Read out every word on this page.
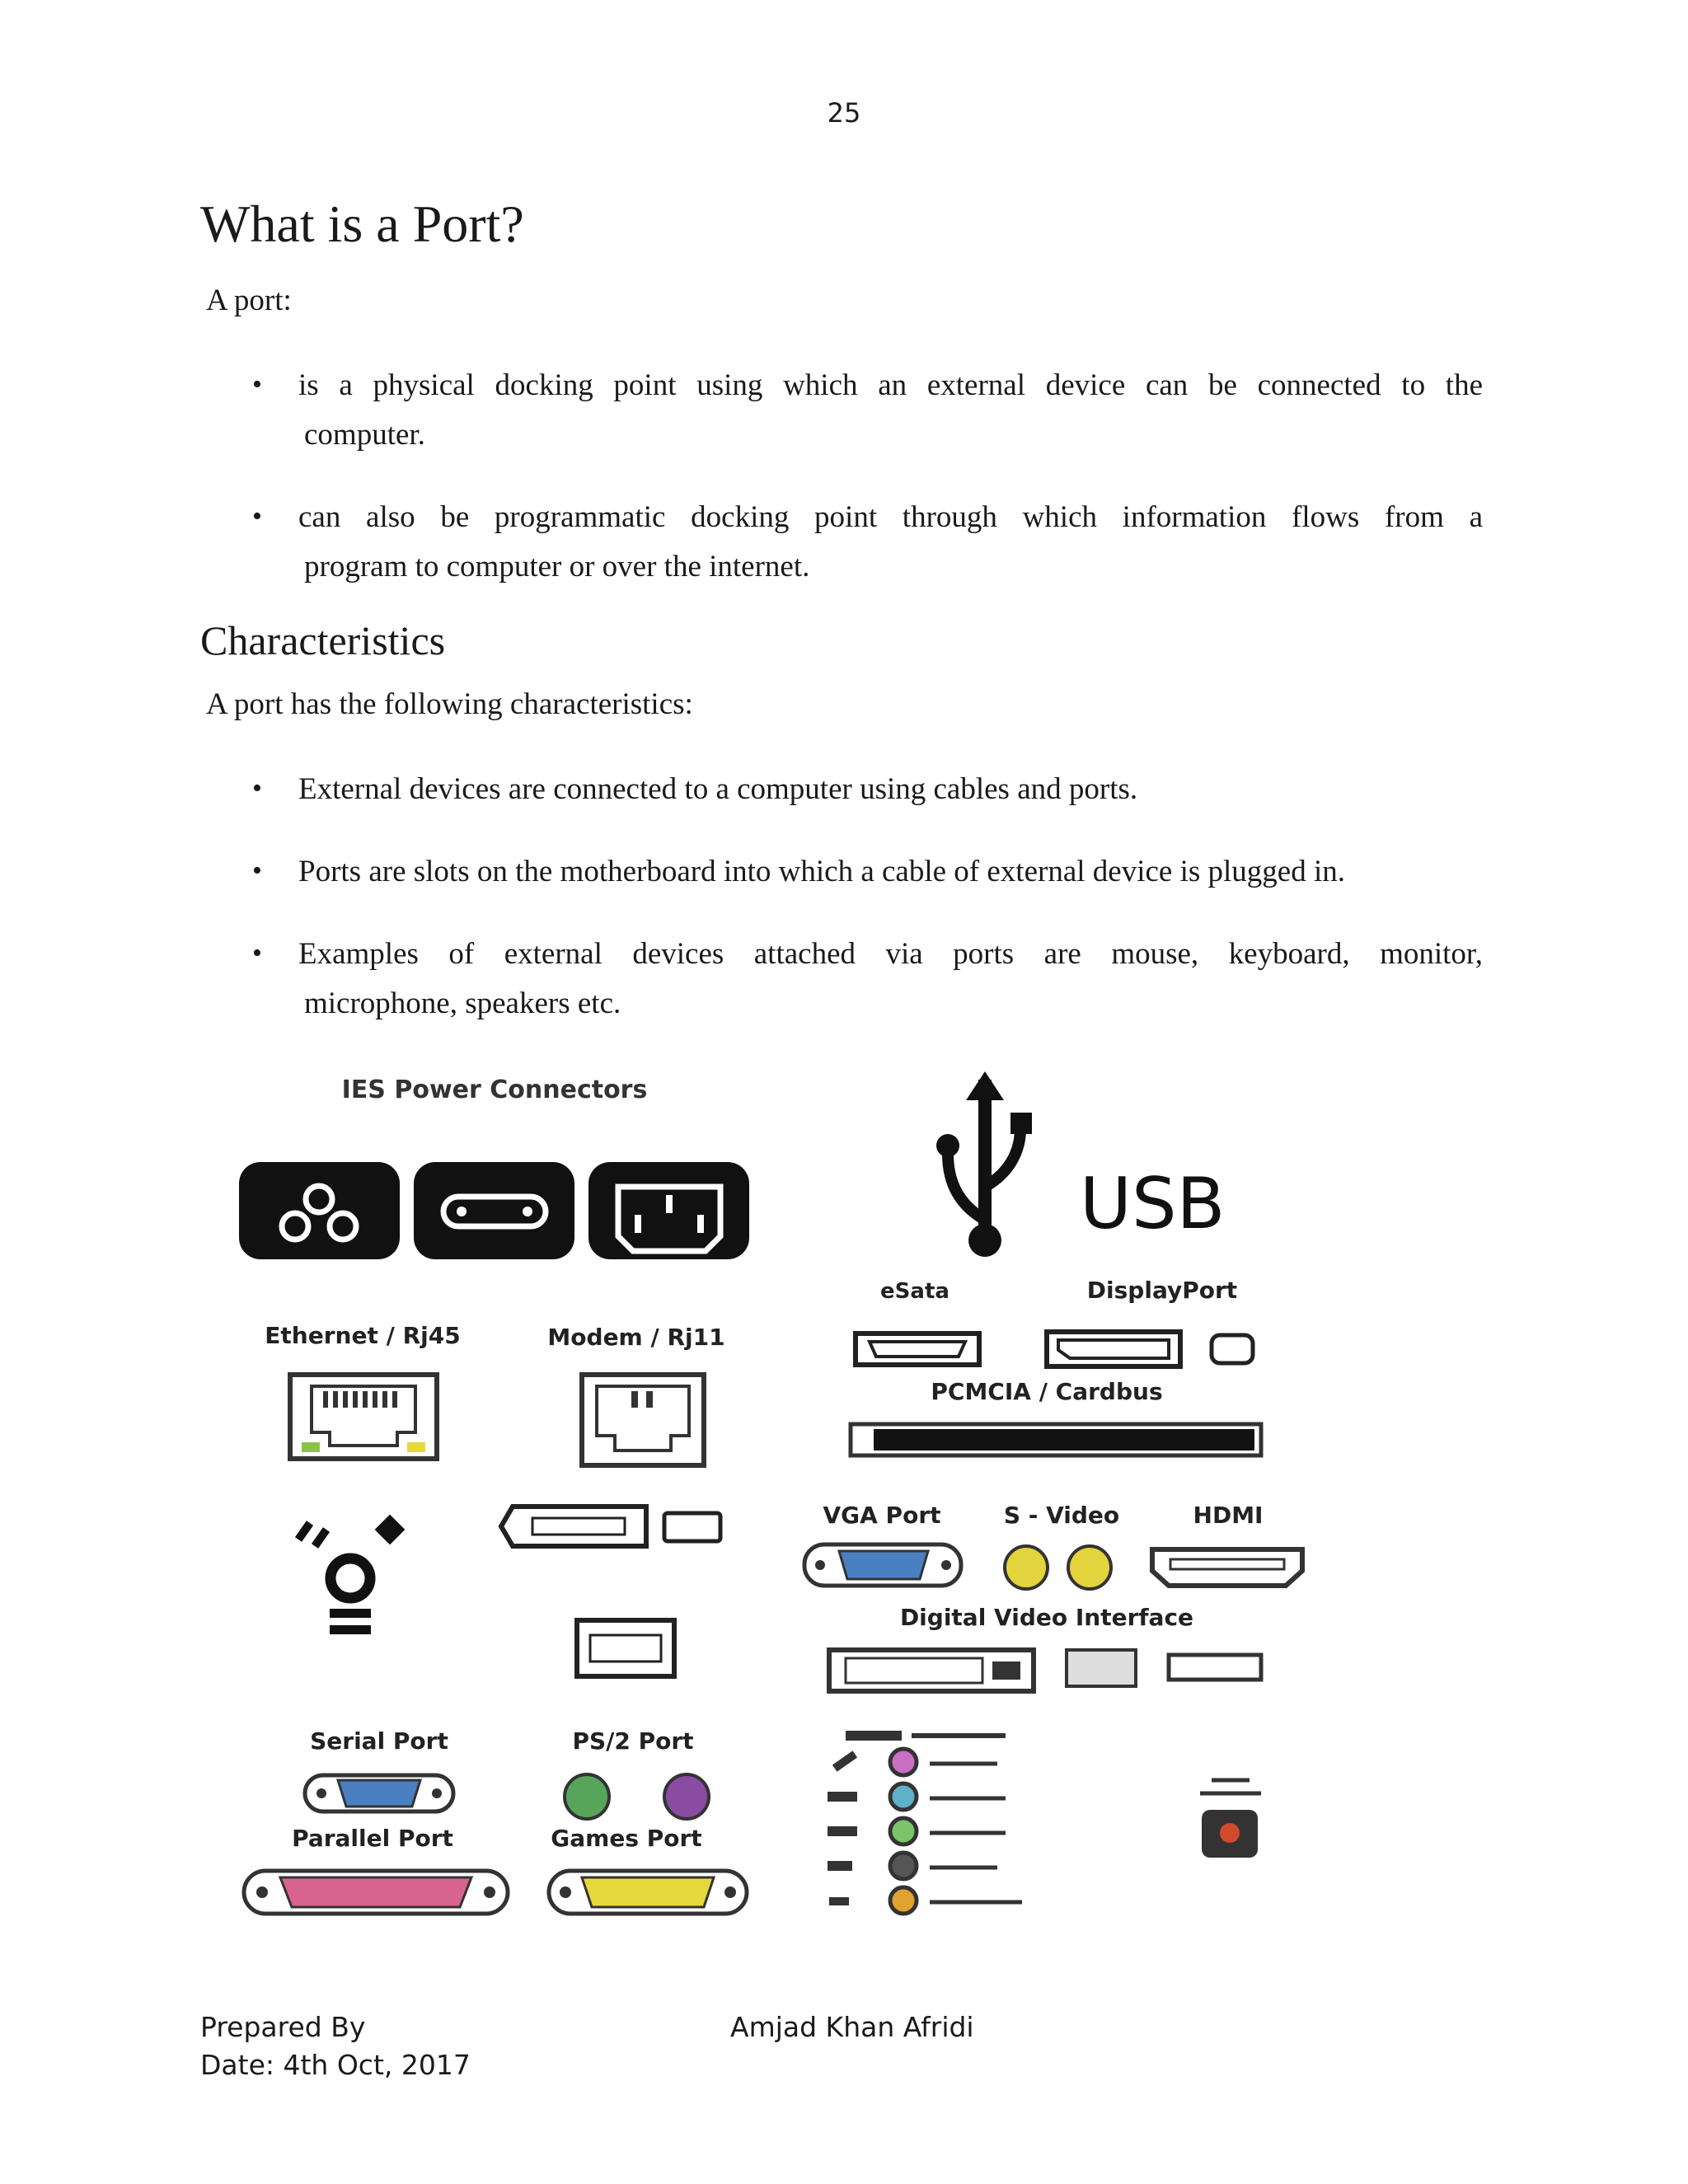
25
What is a Port?
A port:
• is a physical docking point using which an external device can be connected to the
computer.
• can also be programmatic docking point through which information flows from a
program to computer or over the internet.
Characteristics
A port has the following characteristics:
• External devices are connected to a computer using cables and ports.
• Ports are slots on the motherboard into which a cable of external device is plugged in.
• Examples of external devices attached via ports are mouse, keyboard, monitor,
microphone, speakers etc.
IES Power Connectors
USB
eSata	DisplayPort
Ethernet / Rj45	Modem / Rj11
PCMCIA / Cardbus
VGA Port	S - Video	HDMI
Digital Video Interface
Serial Port	PS/2 Port
Parallel Port	Games Port
Prepared By	Amjad Khan Afridi
Date: 4th Oct, 2017
